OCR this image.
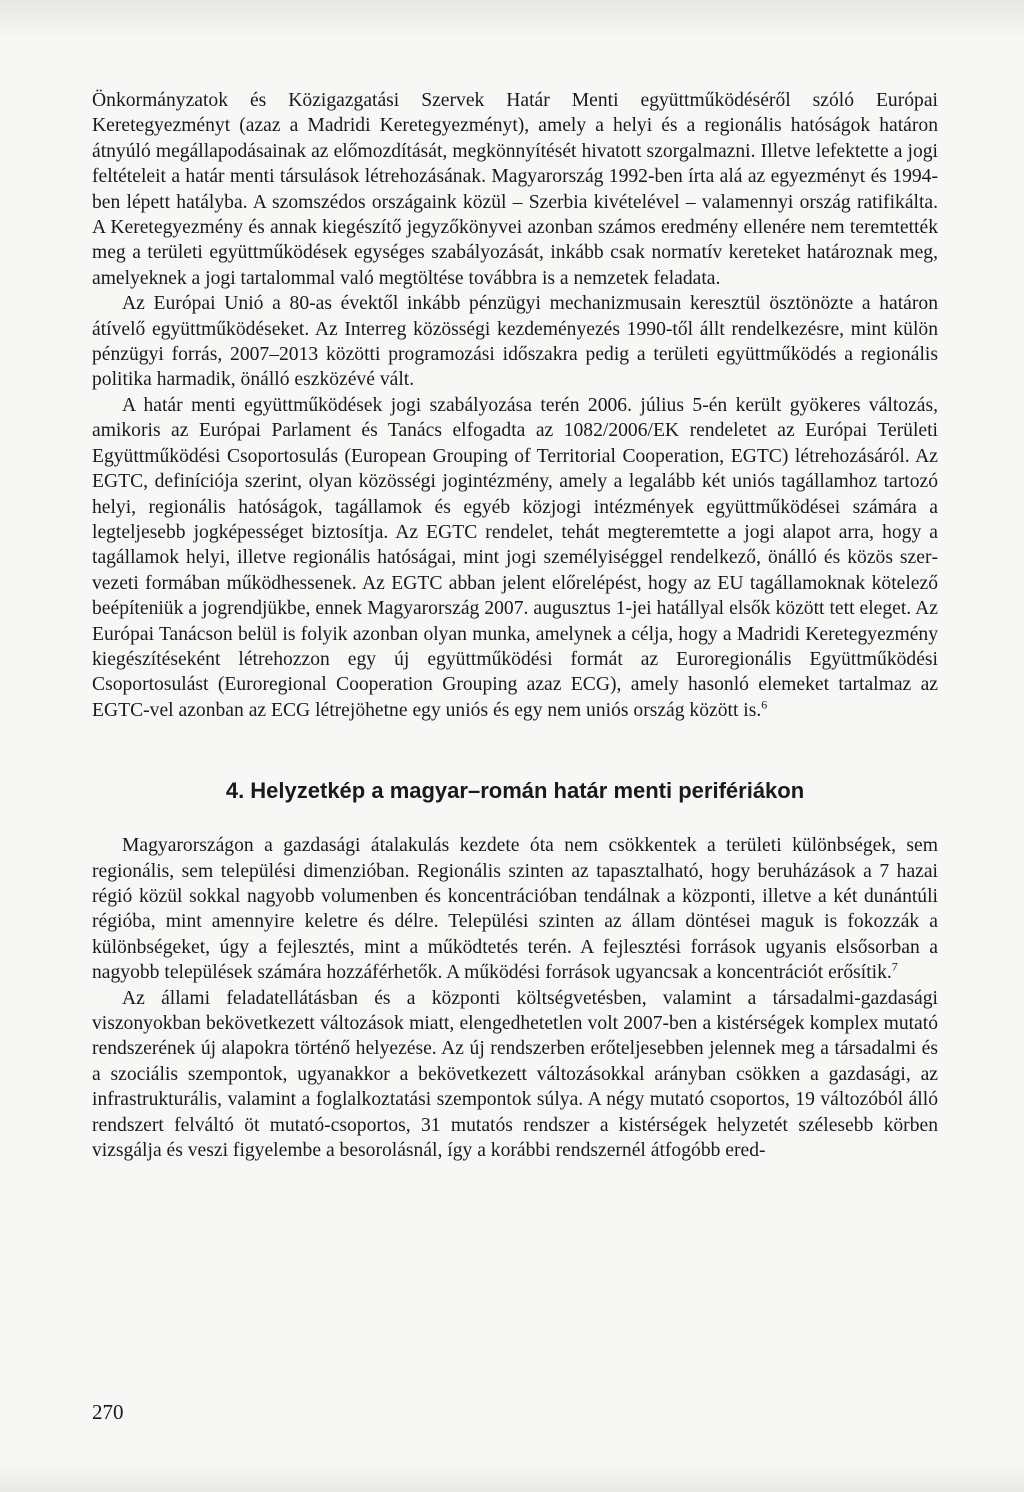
Önkormányzatok és Közigazgatási Szervek Határ Menti együttműködéséről szóló Európai Keretegyezményt (azaz a Madridi Keretegyezményt), amely a helyi és a regionális hatóságok határon átnyúló megállapodásainak az előmozdítását, megkönnyítését hivatott szorgalmazni. Illetve lefektette a jogi feltételeit a határ menti társulások létrehozásának. Magyarország 1992-ben írta alá az egyezményt és 1994-ben lépett hatályba. A szomszédos országaink közül – Szerbia kivételével – valamennyi ország ratifikálta. A Keretegyezmény és annak kiegészítő jegyzőkönyvei azonban számos eredmény ellenére nem teremtették meg a területi együttműködések egységes szabályozását, inkább csak normatív kereteket határoznak meg, amelyeknek a jogi tartalommal való megtöltése továbbra is a nemzetek feladata.

Az Európai Unió a 80-as évektől inkább pénzügyi mechanizmusain keresztül ösztönözte a határon átívelő együttműködéseket. Az Interreg közösségi kezdeményezés 1990-től állt rendelkezésre, mint külön pénzügyi forrás, 2007–2013 közötti programozási időszakra pedig a területi együttműködés a regionális politika harmadik, önálló eszközévé vált.

A határ menti együttműködések jogi szabályozása terén 2006. július 5-én került gyökeres változás, amikoris az Európai Parlament és Tanács elfogadta az 1082/2006/EK rendeletet az Európai Területi Együttműködési Csoportosulás (European Grouping of Territorial Cooperation, EGTC) létrehozásáról. Az EGTC, definíciója szerint, olyan közösségi jogintézmény, amely a legalább két uniós tagállamhoz tartozó helyi, regionális hatóságok, tagállamok és egyéb közjogi intézmények együttműködései számára a legteljesebb jogképességet biztosítja. Az EGTC rendelet, tehát megteremtette a jogi alapot arra, hogy a tagállamok helyi, illetve regionális hatóságai, mint jogi személyiséggel rendelkező, önálló és közös szervezeti formában működhessenek. Az EGTC abban jelent előrelépést, hogy az EU tagállamoknak kötelező beépíteniük a jogrendjükbe, ennek Magyarország 2007. augusztus 1-jei hatállyal elsők között tett eleget. Az Európai Tanácson belül is folyik azonban olyan munka, amelynek a célja, hogy a Madridi Keretegyezmény kiegészítéseként létrehozzon egy új együttműködési formát az Euroregionális Együttműködési Csoportosulást (Euroregional Cooperation Grouping azaz ECG), amely hasonló elemeket tartalmaz az EGTC-vel azonban az ECG létrejöhetne egy uniós és egy nem uniós ország között is.$^6$

4. Helyzetkép a magyar–román határ menti perifériákon

Magyarországon a gazdasági átalakulás kezdete óta nem csökkentek a területi különbségek, sem regionális, sem települési dimenzióban. Regionális szinten az tapasztalható, hogy beruházások a 7 hazai régió közül sokkal nagyobb volumenben és koncentrációban tendálnak a központi, illetve a két dunántúli régióba, mint amennyire keletre és délre. Települési szinten az állam döntései maguk is fokozzák a különbségeket, úgy a fejlesztés, mint a működtetés terén. A fejlesztési források ugyanis elsősorban a nagyobb települések számára hozzáférhetők. A működési források ugyancsak a koncentrációt erősítik.$^7$

Az állami feladatellátásban és a központi költségvetésben, valamint a társadalmi-gazdasági viszonyokban bekövetkezett változások miatt, elengedhetetlen volt 2007-ben a kistérségek komplex mutató rendszerének új alapokra történő helyezése. Az új rendszerben erőteljesebben jelennek meg a társadalmi és a szociális szempontok, ugyanakkor a bekövetkezett változásokkal arányban csökken a gazdasági, az infrastrukturális, valamint a foglalkoztatási szempontok súlya. A négy mutató csoportos, 19 változóból álló rendszert felváltó öt mutató-csoportos, 31 mutatós rendszer a kistérségek helyzetét szélesebb körben vizsgálja és veszi figyelembe a besorolásnál, így a korábbi rendszernél átfogóbb ered-

270
